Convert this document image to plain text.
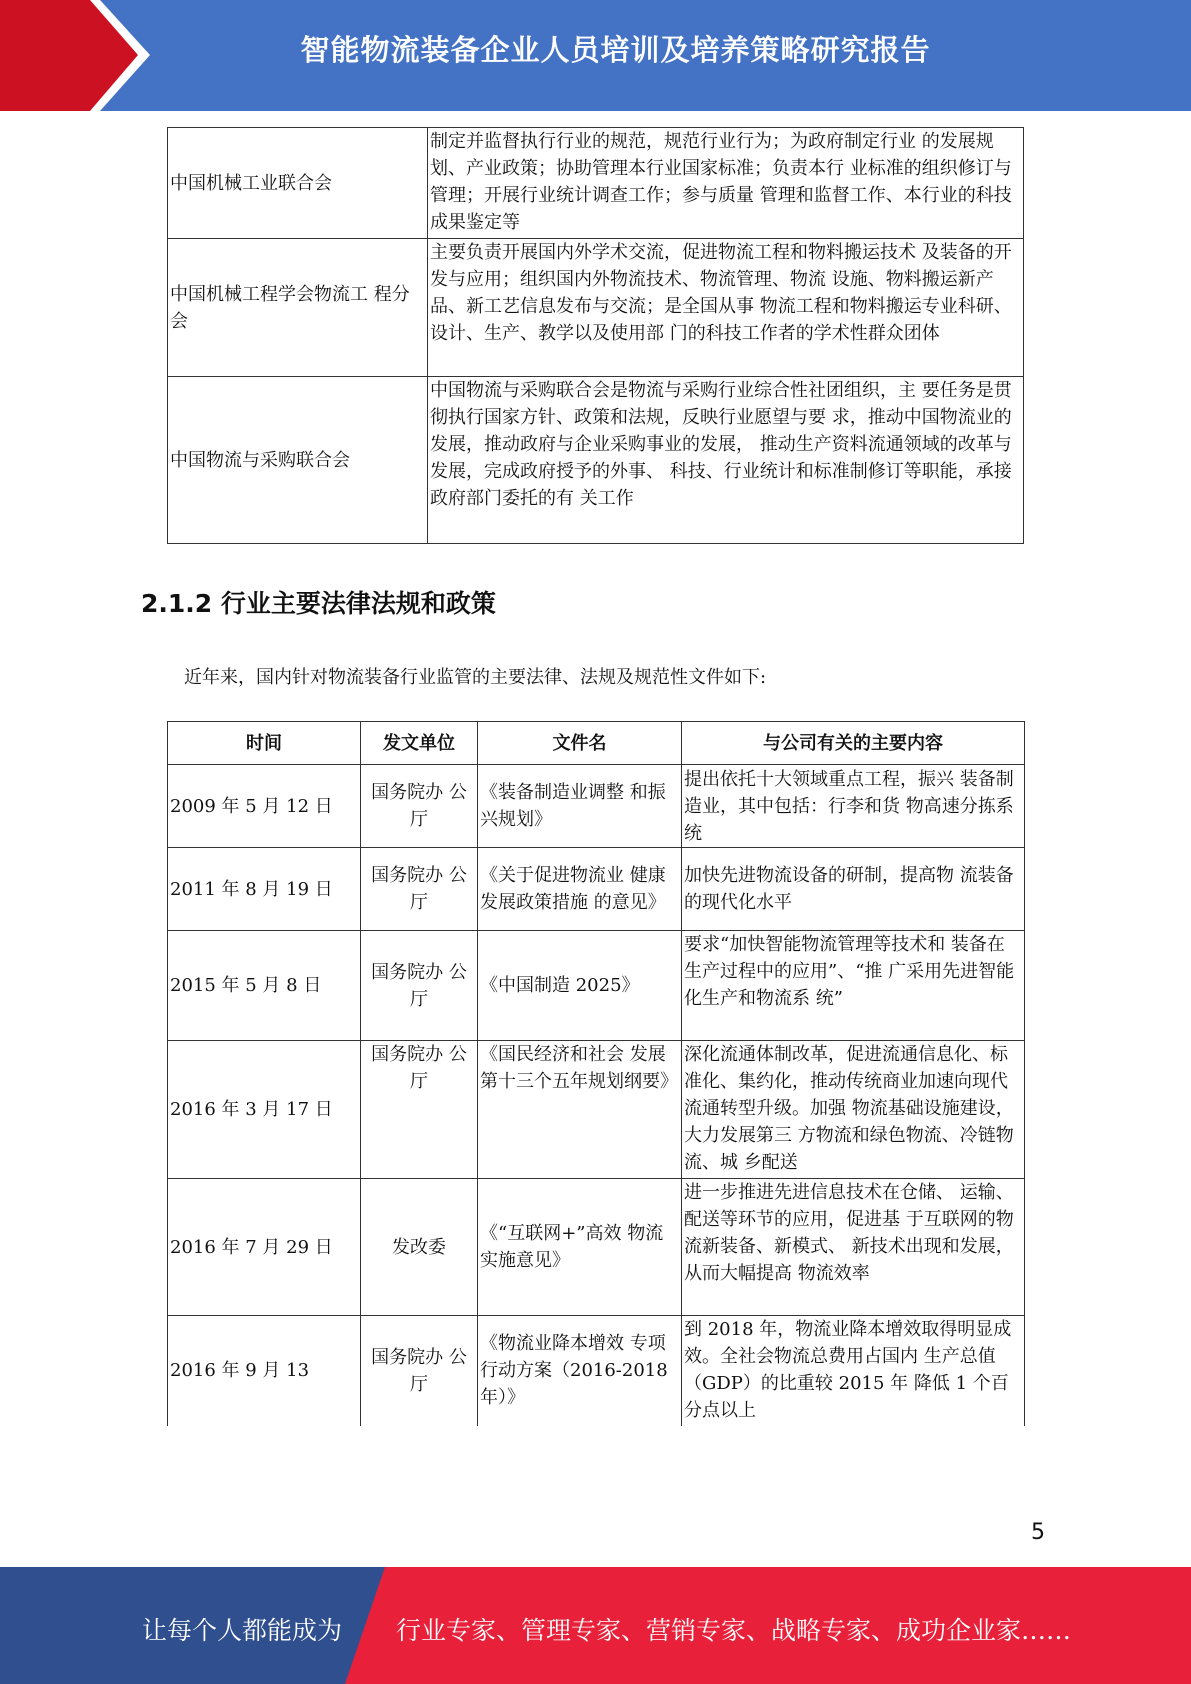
智能物流装备企业人员培训及培养策略研究报告
中国机械工业联合会	制定并监督执行行业的规范，规范行业行为；为政府制定行业 的发展规划、产业政策；协助管理本行业国家标准；负责本行 业标准的组织修订与管理；开展行业统计调查工作；参与质量 管理和监督工作、本行业的科技成果鉴定等
中国机械工程学会物流工 程分会	主要负责开展国内外学术交流，促进物流工程和物料搬运技术 及装备的开发与应用；组织国内外物流技术、物流管理、物流 设施、物料搬运新产品、新工艺信息发布与交流；是全国从事 物流工程和物料搬运专业科研、设计、生产、教学以及使用部 门的科技工作者的学术性群众团体
中国物流与采购联合会	中国物流与采购联合会是物流与采购行业综合性社团组织，主 要任务是贯彻执行国家方针、政策和法规，反映行业愿望与要 求，推动中国物流业的发展，推动政府与企业采购事业的发展， 推动生产资料流通领域的改革与发展，完成政府授予的外事、 科技、行业统计和标准制修订等职能，承接政府部门委托的有 关工作
2.1.2 行业主要法律法规和政策

近年来，国内针对物流装备行业监管的主要法律、法规及规范性文件如下:

时间	发文单位	文件名	与公司有关的主要内容
2009 年 5 月 12 日	国务院办 公厅	《装备制造业调整 和振兴规划》	提出依托十大领域重点工程，振兴 装备制造业，其中包括：行李和货 物高速分拣系统
2011 年 8 月 19 日	国务院办 公厅	《关于促进物流业 健康发展政策措施 的意见》	加快先进物流设备的研制，提高物 流装备的现代化水平
2015 年 5 月 8 日	国务院办 公厅	《中国制造 2025》	要求“加快智能物流管理等技术和 装备在生产过程中的应用”、“推 广采用先进智能化生产和物流系 统”
2016 年 3 月 17 日	国务院办 公厅	《国民经济和社会 发展第十三个五年规划纲要》	深化流通体制改革，促进流通信息化、标准化、集约化，推动传统商业加速向现代流通转型升级。加强 物流基础设施建设，大力发展第三 方物流和绿色物流、冷链物流、城 乡配送
2016 年 7 月 29 日	发改委	《“互联网+”高效 物流实施意见》	进一步推进先进信息技术在仓储、 运输、配送等环节的应用，促进基 于互联网的物流新装备、新模式、 新技术出现和发展，从而大幅提高 物流效率
2016 年 9 月 13	国务院办 公厅	《物流业降本增效 专项行动方案（2016-2018 年）》	到 2018 年，物流业降本增效取得明显成效。全社会物流总费用占国内 生产总值（GDP）的比重较 2015 年 降低 1 个百分点以上
5
让每个人都能成为 行业专家、管理专家、营销专家、战略专家、成功企业家……
